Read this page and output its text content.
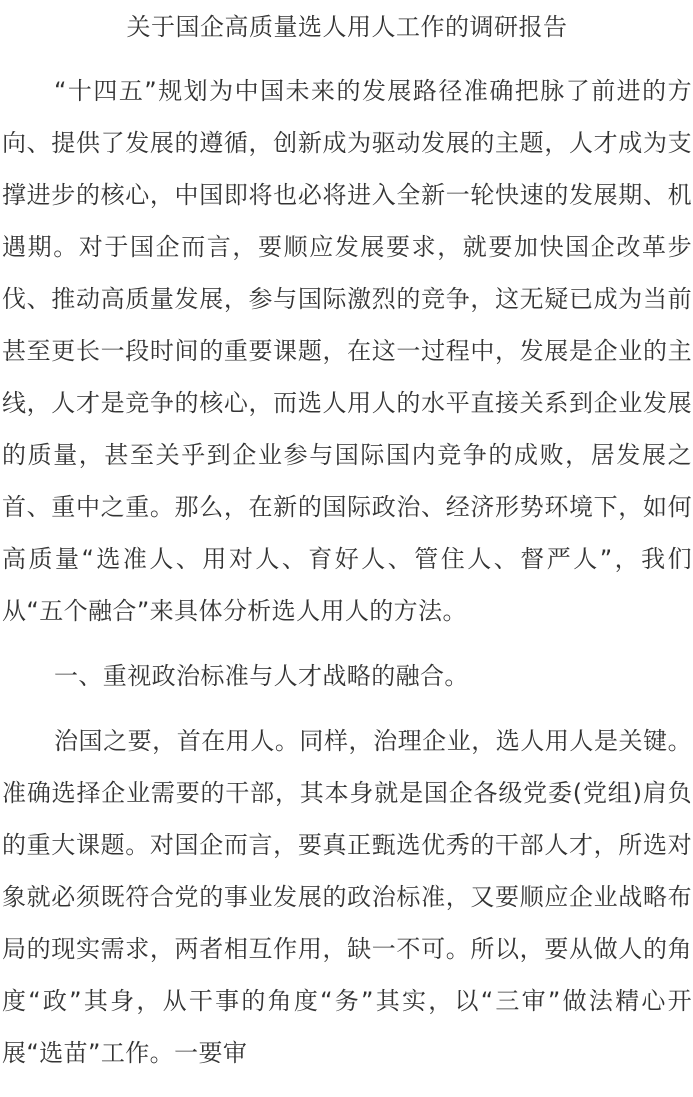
关于国企高质量选人用人工作的调研报告

“十四五”规划为中国未来的发展路径准确把脉了前进的方向、提供了发展的遵循，创新成为驱动发展的主题，人才成为支撑进步的核心，中国即将也必将进入全新一轮快速的发展期、机遇期。对于国企而言，要顺应发展要求，就要加快国企改革步伐、推动高质量发展，参与国际激烈的竞争，这无疑已成为当前甚至更长一段时间的重要课题，在这一过程中，发展是企业的主线，人才是竞争的核心，而选人用人的水平直接关系到企业发展的质量，甚至关乎到企业参与国际国内竞争的成败，居发展之首、重中之重。那么，在新的国际政治、经济形势环境下，如何高质量“选准人、用对人、育好人、管住人、督严人”，我们从“五个融合”来具体分析选人用人的方法。

一、重视政治标准与人才战略的融合。

治国之要，首在用人。同样，治理企业，选人用人是关键。准确选择企业需要的干部，其本身就是国企各级党委(党组)肩负的重大课题。对国企而言，要真正甄选优秀的干部人才，所选对象就必须既符合党的事业发展的政治标准，又要顺应企业战略布局的现实需求，两者相互作用，缺一不可。所以，要从做人的角度“政”其身，从干事的角度“务”其实，以“三审”做法精心开展“选苗”工作。一要审
